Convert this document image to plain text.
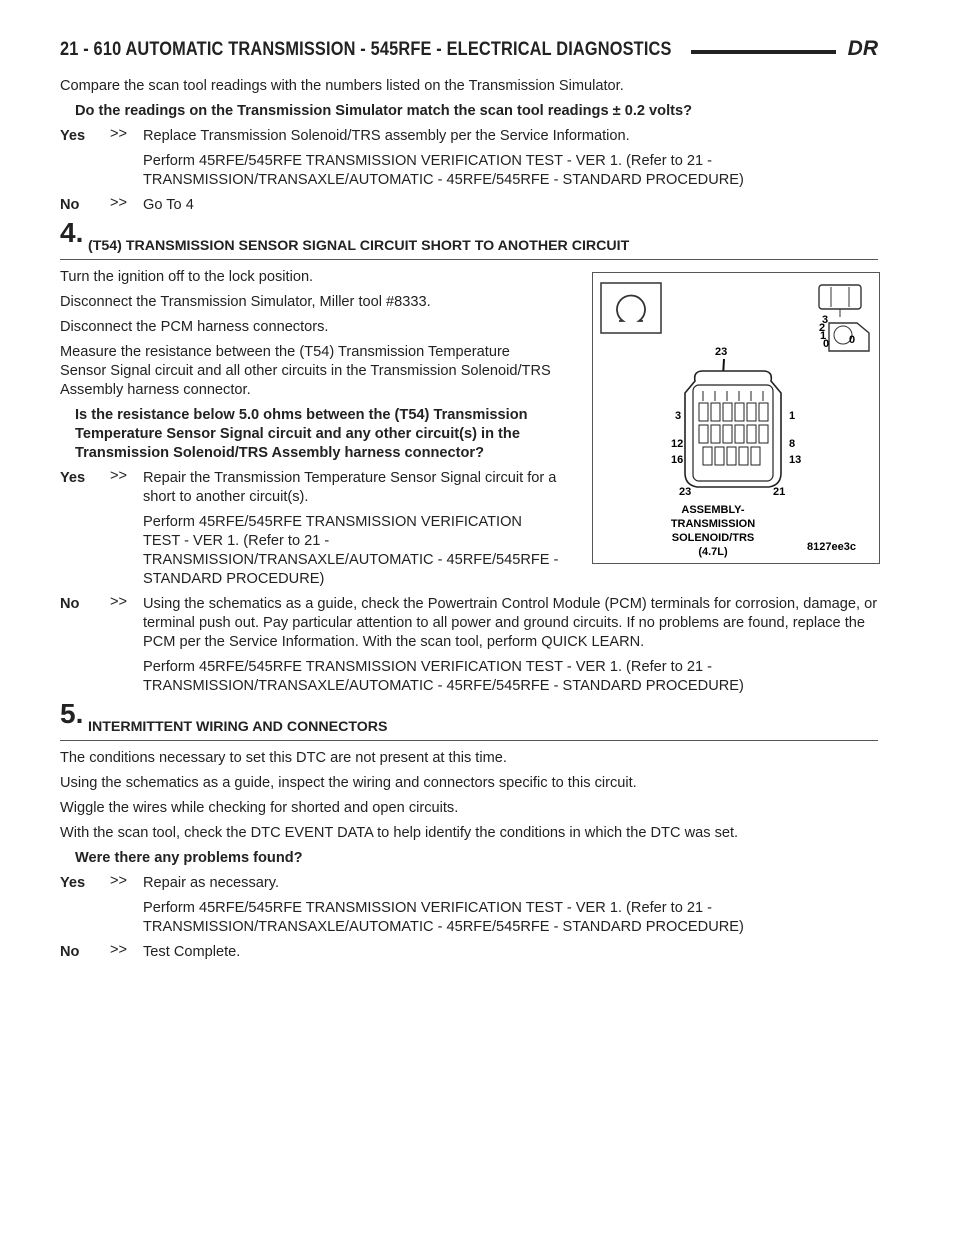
21 - 610 AUTOMATIC TRANSMISSION - 545RFE - ELECTRICAL DIAGNOSTICS	DR

Compare the scan tool readings with the numbers listed on the Transmission Simulator.

Do the readings on the Transmission Simulator match the scan tool readings ± 0.2 volts?

Yes >> Replace Transmission Solenoid/TRS assembly per the Service Information.

Perform 45RFE/545RFE TRANSMISSION VERIFICATION TEST - VER 1. (Refer to 21 - TRANSMISSION/TRANSAXLE/AUTOMATIC - 45RFE/545RFE - STANDARD PROCEDURE)

No >> Go To 4

4. (T54) TRANSMISSION SENSOR SIGNAL CIRCUIT SHORT TO ANOTHER CIRCUIT

Turn the ignition off to the lock position.

Disconnect the Transmission Simulator, Miller tool #8333.

Disconnect the PCM harness connectors.

Measure the resistance between the (T54) Transmission Temperature Sensor Signal circuit and all other circuits in the Transmission Solenoid/TRS Assembly harness connector.

Is the resistance below 5.0 ohms between the (T54) Transmission Temperature Sensor Signal circuit and any other circuit(s) in the Transmission Solenoid/TRS Assembly harness connector?

Yes >> Repair the Transmission Temperature Sensor Signal circuit for a short to another circuit(s).

Perform 45RFE/545RFE TRANSMISSION VERIFICATION TEST - VER 1. (Refer to 21 - TRANSMISSION/TRANSAXLE/AUTOMATIC - 45RFE/545RFE - STANDARD PROCEDURE)

3
2
1
0 0
23
3	1
12	8
16	13
23	21
ASSEMBLY-
TRANSMISSION
SOLENOID/TRS
(4.7L)	8127ee3c
No >> Using the schematics as a guide, check the Powertrain Control Module (PCM) terminals for corrosion, damage, or terminal push out. Pay particular attention to all power and ground circuits. If no problems are found, replace the PCM per the Service Information. With the scan tool, perform QUICK LEARN.

Perform 45RFE/545RFE TRANSMISSION VERIFICATION TEST - VER 1. (Refer to 21 - TRANSMISSION/TRANSAXLE/AUTOMATIC - 45RFE/545RFE - STANDARD PROCEDURE)

5. INTERMITTENT WIRING AND CONNECTORS

The conditions necessary to set this DTC are not present at this time.

Using the schematics as a guide, inspect the wiring and connectors specific to this circuit.

Wiggle the wires while checking for shorted and open circuits.

With the scan tool, check the DTC EVENT DATA to help identify the conditions in which the DTC was set.

Were there any problems found?

Yes >> Repair as necessary.

Perform 45RFE/545RFE TRANSMISSION VERIFICATION TEST - VER 1. (Refer to 21 - TRANSMISSION/TRANSAXLE/AUTOMATIC - 45RFE/545RFE - STANDARD PROCEDURE)

No >> Test Complete.
